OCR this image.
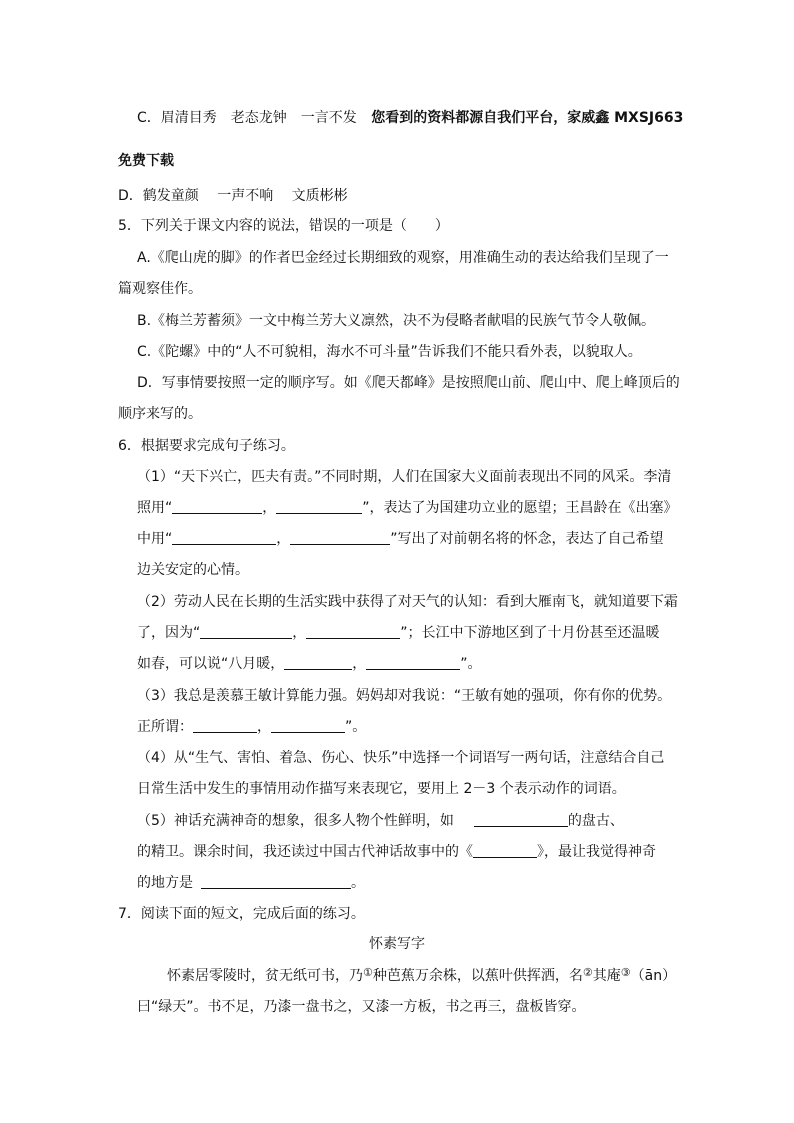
C．眉清目秀　老态龙钟　一言不发 您看到的资料都源自我们平台，家威鑫 MXSJ663
免费下载
D．鹤发童颜　 一声不响　 文质彬彬
5．下列关于课文内容的说法，错误的一项是（　　）
A.《爬山虎的脚》的作者巴金经过长期细致的观察，用准确生动的表达给我们呈现了一
篇观察佳作。
B.《梅兰芳蓄须》一文中梅兰芳大义凛然，决不为侵略者献唱的民族气节令人敬佩。
C.《陀螺》中的“人不可貌相，海水不可斗量”告诉我们不能只看外表，以貌取人。
D．写事情要按照一定的顺序写。如《爬天都峰》是按照爬山前、爬山中、爬上峰顶后的
顺序来写的。
6．根据要求完成句子练习。
（1）“天下兴亡，匹夫有责。”不同时期，人们在国家大义面前表现出不同的风采。李清
照用“	，	”，表达了为国建功立业的愿望；王昌龄在《出塞》
中用“	，	”写出了对前朝名将的怀念，表达了自己希望
边关安定的心情。
（2）劳动人民在长期的生活实践中获得了对天气的认知：看到大雁南飞，就知道要下霜
了，因为“	，	”；长江中下游地区到了十月份甚至还温暖
如春，可以说“八月暖，	，	”。
（3）我总是羡慕王敏计算能力强。妈妈却对我说：“王敏有她的强项，你有你的优势。
正所谓：	，	”。
（4）从“生气、害怕、着急、伤心、快乐”中选择一个词语写一两句话，注意结合自己
日常生活中发生的事情用动作描写来表现它，要用上 2－3 个表示动作的词语。
（5）神话充满神奇的想象，很多人物个性鲜明，如	的盘古、
的精卫。课余时间，我还读过中国古代神话故事中的《	》，最让我觉得神奇
的地方是	。
7．阅读下面的短文，完成后面的练习。
怀素写字
怀素居零陵时，贫无纸可书，乃①种芭蕉万余株，以蕉叶供挥洒，名②其庵③（ān）
曰“绿天”。书不足，乃漆一盘书之，又漆一方板，书之再三，盘板皆穿。
